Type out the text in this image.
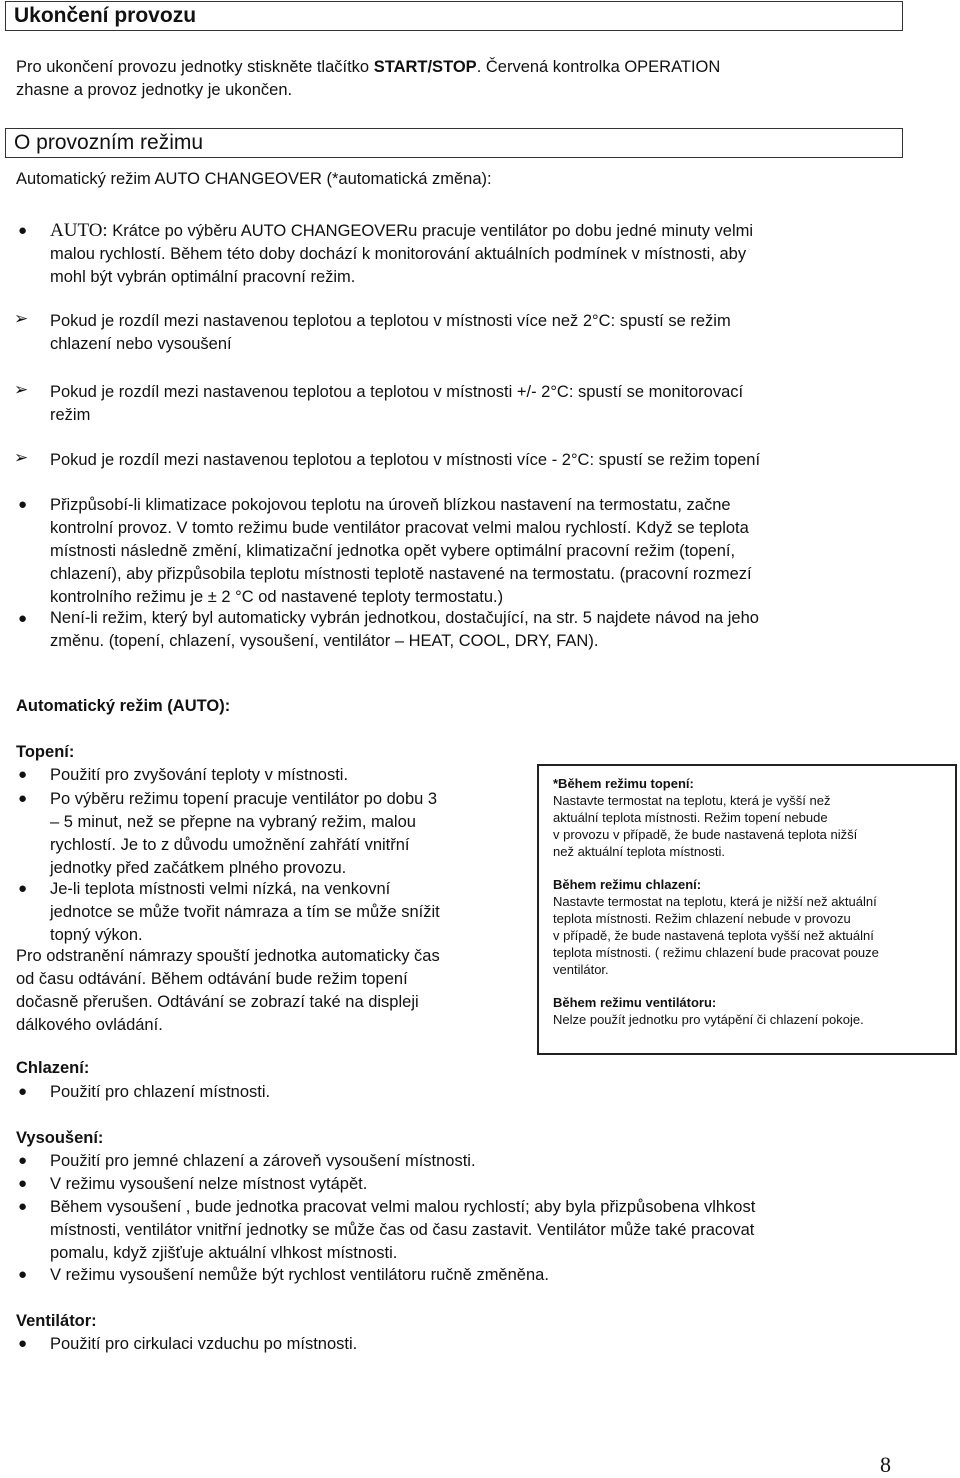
Ukončení provozu
Pro ukončení provozu jednotky stiskněte tlačítko START/STOP. Červená kontrolka OPERATION
zhasne a provoz jednotky je ukončen.
O provozním režimu
Automatický režim AUTO CHANGEOVER (*automatická změna):
● AUTO: Krátce po výběru AUTO CHANGEOVERu pracuje ventilátor po dobu jedné minuty velmi
malou rychlostí. Během této doby dochází k monitorování aktuálních podmínek v místnosti, aby
mohl být vybrán optimální pracovní režim.
➢ Pokud je rozdíl mezi nastavenou teplotou a teplotou v místnosti více než 2°C: spustí se režim
chlazení nebo vysoušení
➢ Pokud je rozdíl mezi nastavenou teplotou a teplotou v místnosti +/- 2°C: spustí se monitorovací
režim
➢ Pokud je rozdíl mezi nastavenou teplotou a teplotou v místnosti více - 2°C: spustí se režim topení
● Přizpůsobí-li klimatizace pokojovou teplotu na úroveň blízkou nastavení na termostatu, začne
kontrolní provoz. V tomto režimu bude ventilátor pracovat velmi malou rychlostí. Když se teplota
místnosti následně změní, klimatizační jednotka opět vybere optimální pracovní režim (topení,
chlazení), aby přizpůsobila teplotu místnosti teplotě nastavené na termostatu. (pracovní rozmezí
kontrolního režimu je ± 2 °C od nastavené teploty termostatu.)
● Není-li režim, který byl automaticky vybrán jednotkou, dostačující, na str. 5 najdete návod na jeho
změnu. (topení, chlazení, vysoušení, ventilátor – HEAT, COOL, DRY, FAN).
Automatický režim (AUTO):
Topení:
● Použití pro zvyšování teploty v místnosti.
● Po výběru režimu topení pracuje ventilátor po dobu 3
– 5 minut, než se přepne na vybraný režim, malou
rychlostí. Je to z důvodu umožnění zahřátí vnitřní
jednotky před začátkem plného provozu.
● Je-li teplota místnosti velmi nízká, na venkovní
jednotce se může tvořit námraza a tím se může snížit
topný výkon.
Pro odstranění námrazy spouští jednotka automaticky čas
od času odtávání. Během odtávání bude režim topení
dočasně přerušen. Odtávání se zobrazí také na displeji
dálkového ovládání.
Chlazení:
● Použití pro chlazení místnosti.
Vysoušení:
● Použití pro jemné chlazení a zároveň vysoušení místnosti.
● V režimu vysoušení nelze místnost vytápět.
● Během vysoušení , bude jednotka pracovat velmi malou rychlostí; aby byla přizpůsobena vlhkost
místnosti, ventilátor vnitřní jednotky se může čas od času zastavit. Ventilátor může také pracovat
pomalu, když zjišťuje aktuální vlhkost místnosti.
● V režimu vysoušení nemůže být rychlost ventilátoru ručně změněna.
Ventilátor:
● Použití pro cirkulaci vzduchu po místnosti.
*Během režimu topení:
Nastavte termostat na teplotu, která je vyšší než
aktuální teplota místnosti. Režim topení nebude
v provozu v případě, že bude nastavená teplota nižší
než aktuální teplota místnosti.
Během režimu chlazení:
Nastavte termostat na teplotu, která je nižší než aktuální
teplota místnosti. Režim chlazení nebude v provozu
v případě, že bude nastavená teplota vyšší než aktuální
teplota místnosti. ( režimu chlazení bude pracovat pouze
ventilátor.
Během režimu ventilátoru:
Nelze použít jednotku pro vytápění či chlazení pokoje.
8
